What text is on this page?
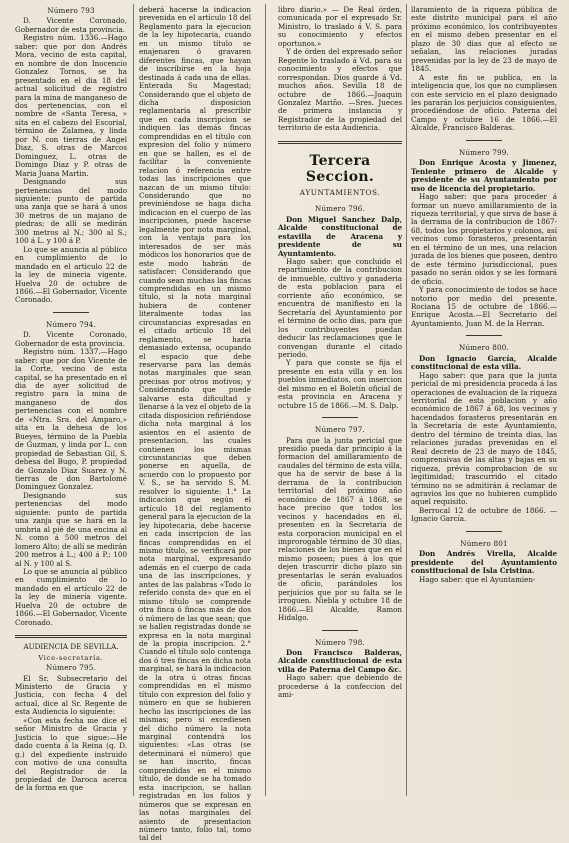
Número 793

D. Vicente Coronado, Gobernador de esta provincia.

Registro núm. 1336.—Hago saber: que por don Andrés Mora, vecino de esta capital, en nombre de don Inocencio Gonzalez Tornos, se ha presentado en el dia 18 del actual solicitud de registro para la mina de manganeso de dos pertenencias, con el nombre de «Santa Teresa, » sita en el cabezo del Escorial, término de Zalamea, y linda por N. con tierras de Angel Diaz, S. otras de Marcos Dominguez, L. otras de Domingo Diaz y P. otras de Maria Juana Martin.

Designando sus pertenencias del modo siguiente: punto de partida una zanja que se hará á unos 30 metros de un majano de piedras; de allí se medirán 300 metros al N.; 300 al S.; 100 á L. y 100 á P.

Lo que se anuncia al público en cumplimiento de lo mandado en el articulo 22 de la ley de mineria vigente. Huelva 20 de octubre de 1866.—El Gobernador, Vicente Coronado.

Número 794.

D. Vicente Coronado, Gobernador de esta provincia.

Registro núm. 1337.—Hago saber: que por don Vicente de la Corte, vecino de esta capital, se ha presentado en el dia de ayer solicitud de registro para la mina de manganeso de dos pertenencias con el nombre de «Ntra. Sra. del Amparo,» sita en la dehesa de los Bueyes, término de la Puebla de Guzman, y linda por L. con propiedad de Sebastian Gil, S. dehesa del Bugo, P. propiedad de Gonzalo Diaz Suarez y N. tierras de don Bartolomé Dominguez Gonzalez.

Designando sus pertenencias del modo siguiente: punto de partida una zanja que se hará en la umbria al pié de una encina al N. como á 500 metros del lomero Alto; de allí se medirán 200 metros á L.; 400 á P.; 100 al N. y 100 al S.

Lo que se anuncia al público en cumplimiento de lo mandado en el artículo 22 de la ley de minería vigente. Huelva 20 de octubre de 1866.—El Gobernador, Vicente Coronado.

AUDIENCIA DE SEVILLA.
Vice-secretaría.
Número 795.

El Sr. Subsecretario del Ministerio de Gracia y Justicia, con fecha 4 del actual, dice al Sr. Regente de esta Audiencia lo siguiente:

«Con esta fecha me dice el señor Ministro de Gracia y Justicia lo que sigue:—He dado cuenta á la Reina (q. D. g.) del expediente instruido con motivo de una consulta del Registrador de la propiedad de Daroca acerca de la forma en que

deberá hacerse la indicacion prevenida en el artículo 18 del Reglamento para la ejecucion de la ley hipotecaria, cuando en un mismo título se enajenaren ó gravaren diferentes fincas, que hayan de inscribirse en la hoja destinada á cada una de ellas. Enterada Su Magestad; Considerando que el objeto de dicha disposicion reglamentaria al prescribir que en cada inscripcion se indiquen las demás fincas comprendidas en el título con expresion del folio y número en que se hallen, es el de facilitar la conveniente relacion ó referencia entre todas las inscripciones que nazcan de un mismo título: Considerando que no previniéndose se haga dicha indicacion en el cuerpo de las inscripciones, puede hacerse legalmente por nota marginal, con la ventaja para los interesados de ser más módicos los honorarios que de este modo habrán de satisfacer: Considerando que cuando sean muchas las fincas comprendidas en un mismo título, si la nota marginal hubiera de contener literalmente todas las circunstancias expresadas en el citado artículo 18 del reglamento, se haria demasiado extensa, ocupando el espacio que debe reservarse para las demás notas marginales que sean precisas por otros motivos; y Considerando que puede salvarse esta dificultad y llenarse á la vez el objeto de la citada disposicion refiriéndose dicha nota marginal á los asientos en el asiento de presentacion, las cuales contienen los mismas circunstancias que deben ponerse en aquella, de acuerdo con lo propuesto por V. S., se ha servido S. M. resolver lo siguiente: 1.° La indicacion que según el artículo 18 del reglamento general para la ejecucion de la ley hipotecaria, debe hacerse en cada inscripcion de las fincas comprendidas en el mismo título, se verificará por nota marginal, expresando además en el cuerpo de cada una de las inscripciones, y antes de las palabras «Todo lo referido consta de» que en el mismo título se comprende otra finca ó fincas más de dos ó número de las que sean; que se hallen registradas donde se expresa en la nota marginal de la propia inscripcion. 2.° Cuando el título solo contenga dos ó tres fincas en dicha nota marginal, se hará la indicacion de la otra ú otras fincas comprendidas en el mismo título con expresion del folio y número en que se hubieren hecho las inscripciones de las mismas; pero si excediesen del dicho número la nota marginal contendrá los siguientes: «Las otras (se determinará el número) que se han inscrito, fincas comprendidas en el mismo título, de donde se ha tomado esta inscripcion, se hallan registradas en los folios y números que se expresan en las notas marginales del asiento de presentacion número tanto, folio tal, tomo tal del

libro diario.» — De Real órden, comunicada por el expresado Sr. Ministro, lo traslado á V. S. para su conocimiento y efectos oportunos.»

Y de órden del expresado señor Regente lo traslado á Vd. para su conocimiento y efectos que correspondan. Dios guarde á Vd. muchos años. Sevilla 18 de octubre de 1866.—Joaquin Gonzalez Mariño. —Sres. Jueces de primera instancia y Registrador de la propiedad del territorio de esta Audiencia.

Tercera Seccion.
AYUNTAMIENTOS.
Número 796.

Don Miguel Sanchez Dalp, Alcalde constitucional de estavilla de Aracena y presidente de su Ayuntamiento.

Hago saber: que concluido el repartimiento de la contribucion de inmueble, cultivo y ganaderia de esta poblacion para el corriente año económico, se encuentra de manifiesto en la Secretaría del Ayuntamiento por el término de ocho dias, para que los contribuyentes puedan deducir las reclamaciones que le convengan durante el citado periodo.

Y para que conste se fija el presente en esta villa y en los pueblos inmediatos, con insercion del mismo en el Boletín oficial de esta provincia en Aracena y octubre 15 de 1866.—M. S. Dalp.

Número 797.

Para que la junta pericial que presidio pueda dar principio á la formacion del amillaramiento de caudales del término de esta villa, que ha de servir de base á la derrama de la contribucion territorial del próximo año económico de 1867 á 1868, se hace preciso que todos los vecinos y hacendados en él, presenten en la Secretaría de esta corporacion municipal en el improrogable término de 30 dias, relaciones de los bienes que en el mismo poseen; pues á los que dejen trascurrir dicho plazo sin presentarlas le serán evaluados de oficio, parándoles los perjuicios que por su falta se le irroguen. Niebla y octubre 18 de 1866.—El Alcalde, Ramon Hidalgo.

Número 798.

Don Francisco Balderas, Alcalde constitucional de esta villa de Paterna del Campo &c.

Hago saber: que debiendo de procederse á la confeccion del ami-

llaramiento de la riqueza pública de este distrito municipal para el año próximo económico, los contribuyentes en el mismo deben presentar en el plazo de 30 dias que al efecto se señalan, las relaciones juradas prevenidas por la ley de 23 de mayo de 1845.

A este fin se publica, en la inteligencia que, los que no cumpliesen con este servicio en el plazo designado les pararán los perjuicios consiguientes, procediéndose de oficio. Paterna del Campo y octubre 16 de 1866.—El Alcalde, Francisco Balderas.

Número 799.

Don Enrique Acosta y Jimenez, Teniente primero de Alcalde y presidente de su Ayuntamiento por uso de licencia del propietario.

Hago saber: que para proceder á formar un nuevo amillaramiento de la riqueza territorial, y que sirva de base á la derrama de la contribucion de 1867-68, todos los propietarios y colonos, así vecinos como forasteros, presentarán en el término de un mes, una relacion jurada de los bienes que poseen, dentro de este término jurisdiccional, pues pasado no serán oidos y se les formará de oficio.

Y para conocimiento de todos se hace notorio por medio del presente. Rociana 15 de octubre de 1866.—Enrique Acosta.—El Secretario del Ayuntamiento, Juan M. de la Herran.

Número 800.

Don Ignacio García, Alcalde constitucional de esta villa.

Hago saber: que para que la junta pericial de mi presidencia proceda á las operaciones de evaluacion de la riqueza territorial de esta poblacion y año económico de 1867 á 68, los vecinos y hacendados forasteros presentarán en la Secretaría de este Ayuntamiento, dentro del término de treinta dias, las relaciones juradas prevenidas en el Real decreto de 23 de mayo de 1845, comprensivas de las altas y bajas en su riqueza, prévia comprobacion de su legitimidad; trascurrido el citado término no se admitirán á reclamar de agravios los que no hubieren cumplido aquel requisito.

Berrocal 12 de octubre de 1866. —Ignacio García.

Número 801

Don Andrés Virella, Alcalde presidente del Ayuntamiento constitucional de Isla Cristina.

Hago saber: que el Ayuntamien-
